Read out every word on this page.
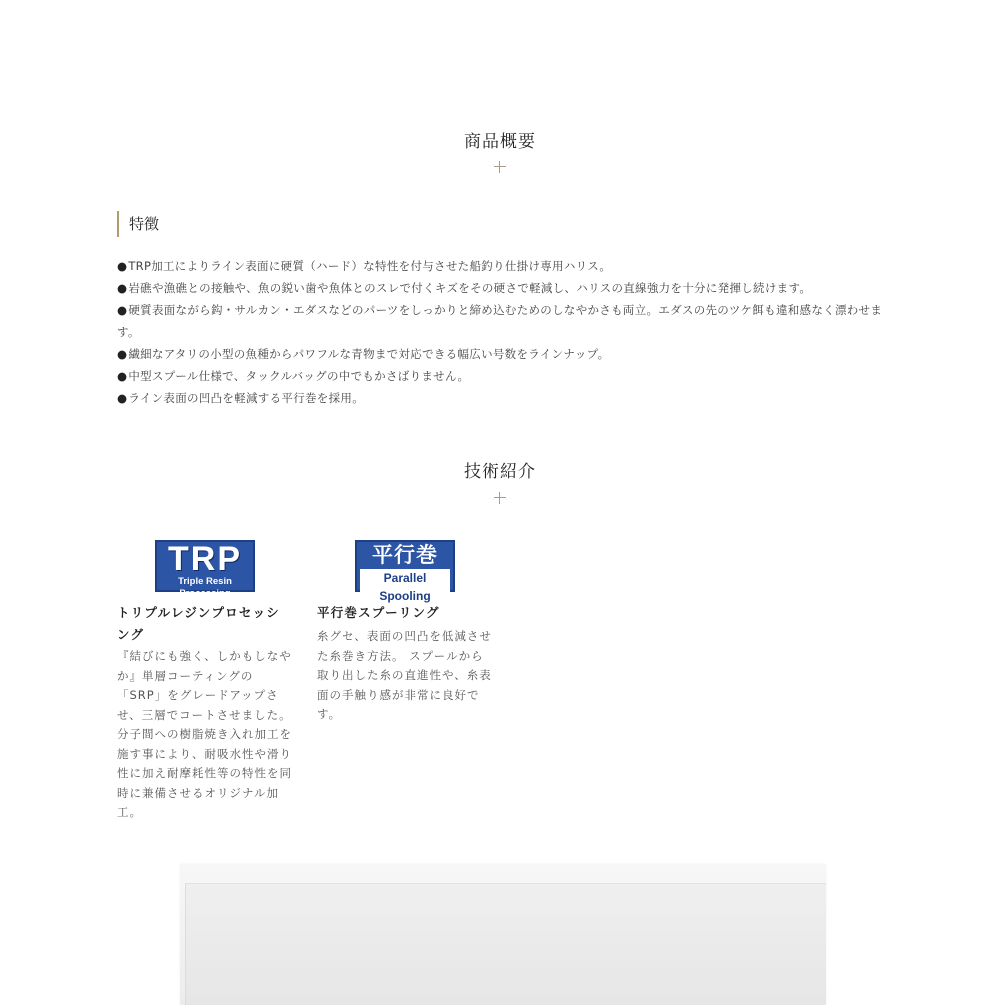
商品概要
特徴
●TRP加工によりライン表面に硬質（ハード）な特性を付与させた船釣り仕掛け専用ハリス。
●岩礁や漁礁との接触や、魚の鋭い歯や魚体とのスレで付くキズをその硬さで軽減し、ハリスの直線強力を十分に発揮し続けます。
●硬質表面ながら鈎・サルカン・エダスなどのパーツをしっかりと締め込むためのしなやかさも両立。エダスの先のツケ餌も違和感なく漂わせます。
●繊細なアタリの小型の魚種からパワフルな青物まで対応できる幅広い号数をラインナップ。
●中型スプール仕様で、タックルバッグの中でもかさばりません。
●ライン表面の凹凸を軽減する平行巻を採用。
技術紹介
TRP
Triple Resin Processing
トリプルレジンプロセッシング
『結びにも強く、しかもしなやか』単層コーティングの「SRP」をグレードアップさせ、三層でコートさせました。 分子間への樹脂焼き入れ加工を施す事により、耐吸水性や滑り性に加え耐摩耗性等の特性を同時に兼備させるオリジナル加工。
平行巻
Parallel Spooling
平行巻スプーリング
糸グセ、表面の凹凸を低減させた糸巻き方法。 スプールから取り出した糸の直進性や、糸表面の手触り感が非常に良好です。
